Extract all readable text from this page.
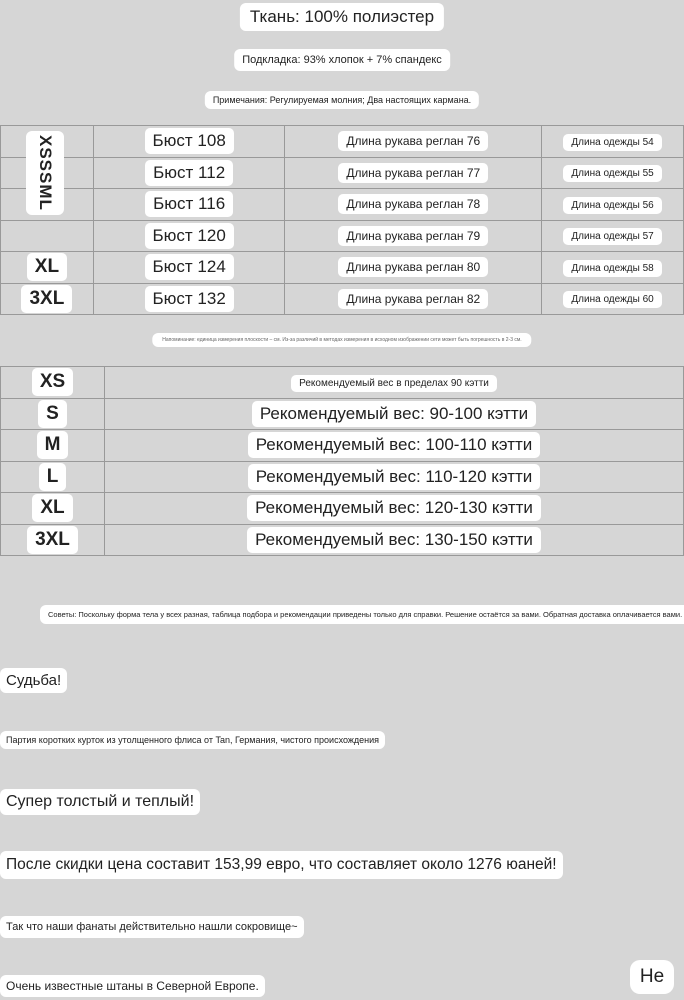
Ткань: 100% полиэстер
Подкладка: 93% хлопок + 7% спандекс
Примечания: Регулируемая молния; Два настоящих кармана.
	Бюст 108	Длина рукава реглан 76	Длина одежды 54
	Бюст 112	Длина рукава реглан 77	Длина одежды 55
	Бюст 116	Длина рукава реглан 78	Длина одежды 56
	Бюст 120	Длина рукава реглан 79	Длина одежды 57
XL	Бюст 124	Длина рукава реглан 80	Длина одежды 58
3XL	Бюст 132	Длина рукава реглан 82	Длина одежды 60
XSSSML
Напоминание: единица измерения плоскости – см. Из-за различий в методах измерения в исходном изображении сети может быть погрешность в 2-3 см.
XS	Рекомендуемый вес в пределах 90 кэтти
S	Рекомендуемый вес: 90-100 кэтти
M	Рекомендуемый вес: 100-110 кэтти
L	Рекомендуемый вес: 110-120 кэтти
XL	Рекомендуемый вес: 120-130 кэтти
3XL	Рекомендуемый вес: 130-150 кэтти
Советы: Поскольку форма тела у всех разная, таблица подбора и рекомендации приведены только для справки. Решение остаётся за вами. Обратная доставка оплачивается вами.
Судьба!
Партия коротких курток из утолщенного флиса от Tan, Германия, чистого происхождения
Супер толстый и теплый!
После скидки цена составит 153,99 евро, что составляет около 1276 юаней!
Так что наши фанаты действительно нашли сокровище~
Очень известные штаны в Северной Европе.	Не
